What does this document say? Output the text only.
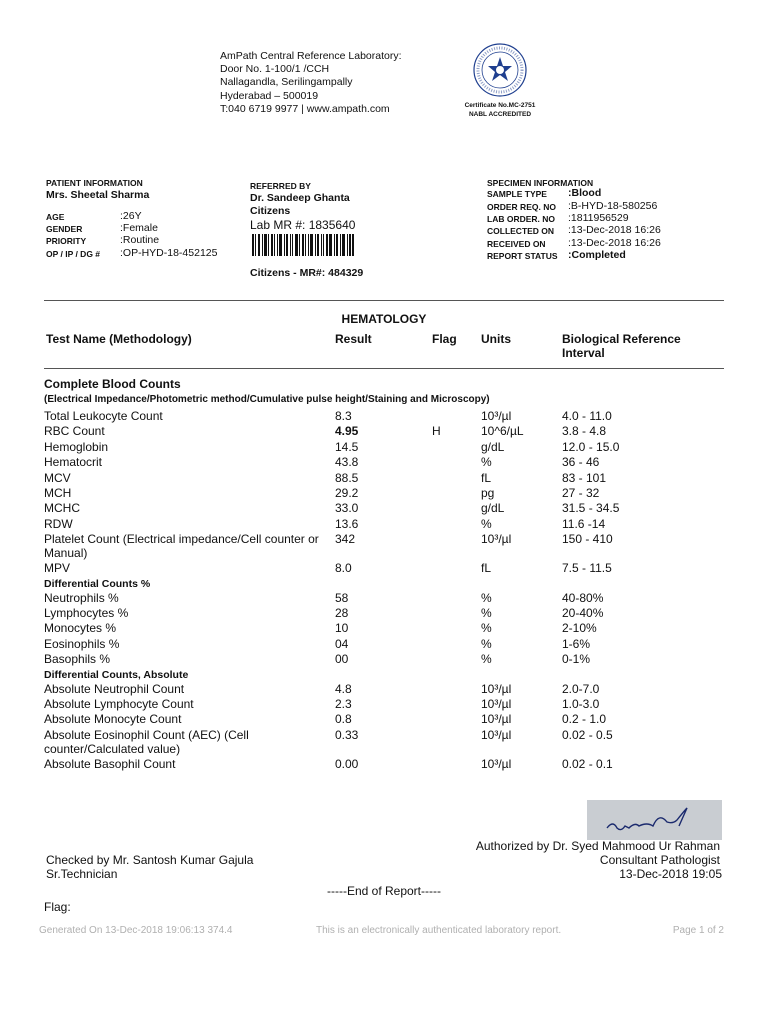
AmPath Central Reference Laboratory:
Door No. 1-100/1 /CCH
Nallagandla, Serilingampally
Hyderabad – 500019
T:040 6719 9977 | www.ampath.com	Certificate No.MC-2751
NABL ACCREDITED
PATIENT INFORMATION
Mrs. Sheetal Sharma
AGE	:26Y
GENDER	:Female
PRIORITY	:Routine
OP / IP / DG # :OP-HYD-18-452125
REFERRED BY
Dr. Sandeep Ghanta
Citizens
Lab MR #: 1835640
Citizens - MR#: 484329
SPECIMEN INFORMATION
SAMPLE TYPE :Blood
ORDER REQ. NO :B-HYD-18-580256
LAB ORDER. NO :1811956529
COLLECTED ON :13-Dec-2018 16:26
RECEIVED ON :13-Dec-2018 16:26
REPORT STATUS :Completed
HEMATOLOGY
Test Name (Methodology)	Result	Flag Units	Biological Reference
Interval
Complete Blood Counts
(Electrical Impedance/Photometric method/Cumulative pulse height/Staining and Microscopy)
Total Leukocyte Count	8.3	10³/µl	4.0 - 11.0
RBC Count	4.95	H	10^6/µL	3.8 - 4.8
Hemoglobin	14.5	g/dL	12.0 - 15.0
Hematocrit	43.8	%	36 - 46
MCV	88.5	fL	83 - 101
MCH	29.2	pg	27 - 32
MCHC	33.0	g/dL	31.5 - 34.5
RDW	13.6	%	11.6 -14
Platelet Count (Electrical impedance/Cell counter or
Manual)
342	10³/µl	150 - 410
MPV	8.0	fL	7.5 - 11.5
Differential Counts %
Neutrophils %	58	%	40-80%
Lymphocytes %	28	%	20-40%
Monocytes %	10	%	2-10%
Eosinophils %	04	%	1-6%
Basophils %	00	%	0-1%
Differential Counts, Absolute
Absolute Neutrophil Count	4.8	10³/µl	2.0-7.0
Absolute Lymphocyte Count	2.3	10³/µl	1.0-3.0
Absolute Monocyte Count	0.8	10³/µl	0.2 - 1.0
Absolute Eosinophil Count (AEC) (Cell
counter/Calculated value)
0.33	10³/µl	0.02 - 0.5
Absolute Basophil Count	0.00	10³/µl	0.02 - 0.1
Authorized by Dr. Syed Mahmood Ur Rahman
Consultant Pathologist
13-Dec-2018 19:05
Checked by Mr. Santosh Kumar Gajula
Sr.Technician
-----End of Report-----
Flag:
Generated On 13-Dec-2018 19:06:13 374.4	This is an electronically authenticated laboratory report.	Page 1 of 2
